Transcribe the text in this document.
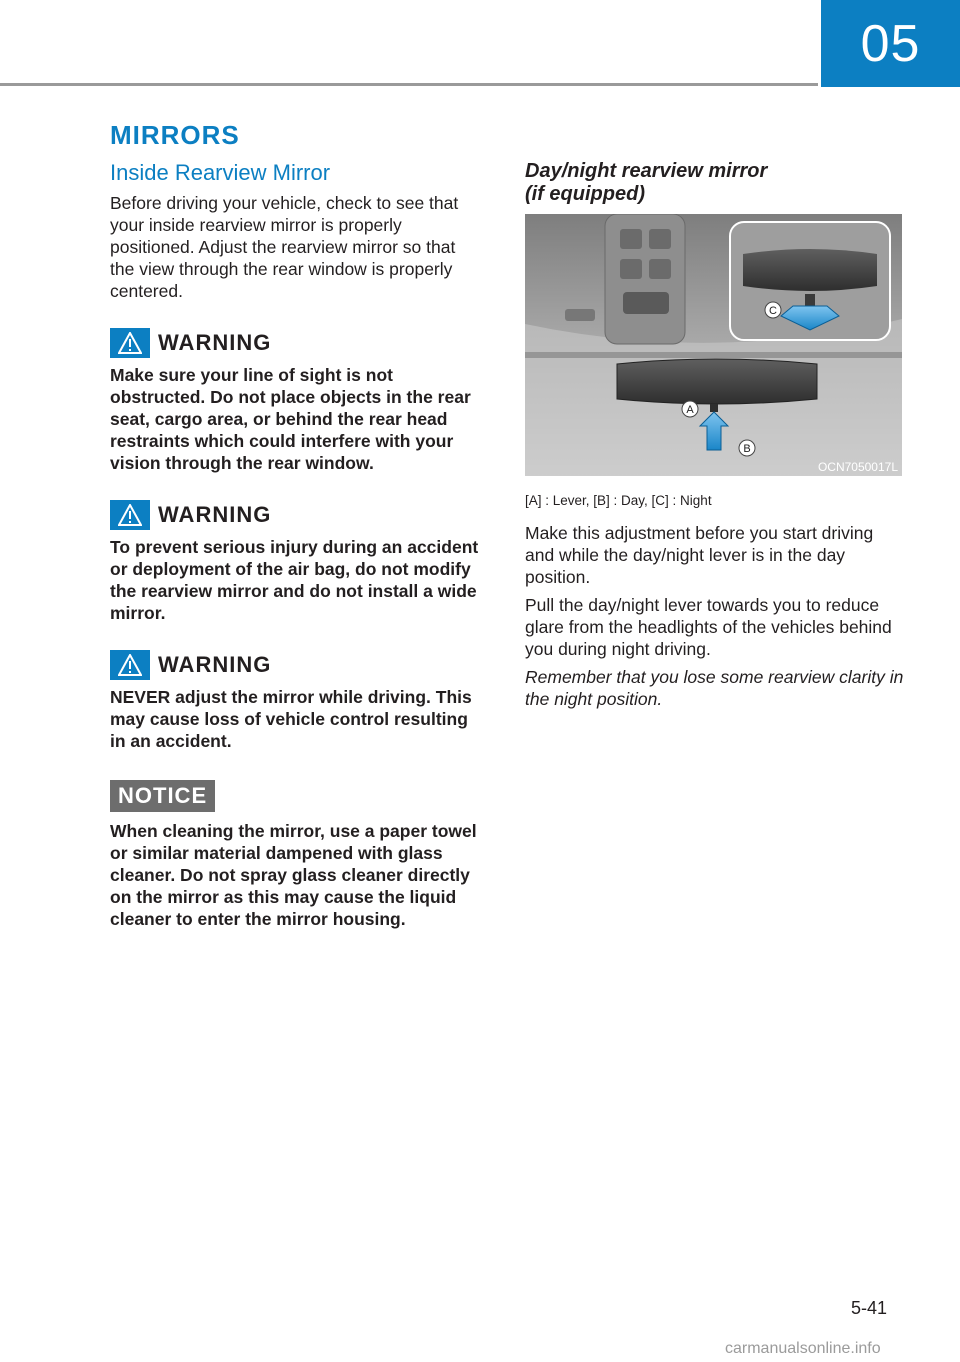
05
MIRRORS
Inside Rearview Mirror

Before driving your vehicle, check to see that your inside rearview mirror is properly positioned. Adjust the rearview mirror so that the view through the rear window is properly centered.

WARNING

Make sure your line of sight is not obstructed. Do not place objects in the rear seat, cargo area, or behind the rear head restraints which could interfere with your vision through the rear window.

WARNING

To prevent serious injury during an accident or deployment of the air bag, do not modify the rearview mirror and do not install a wide mirror.

WARNING

NEVER adjust the mirror while driving. This may cause loss of vehicle control resulting in an accident.

NOTICE

When cleaning the mirror, use a paper towel or similar material dampened with glass cleaner. Do not spray glass cleaner directly on the mirror as this may cause the liquid cleaner to enter the mirror housing.

Day/night rearview mirror
(if equipped)
C
A
B
OCN7050017L

[A] : Lever, [B] : Day, [C] : Night

Make this adjustment before you start driving and while the day/night lever is in the day position.

Pull the day/night lever towards you to reduce glare from the headlights of the vehicles behind you during night driving.

Remember that you lose some rearview clarity in the night position.

5-41
carmanualsonline.info
